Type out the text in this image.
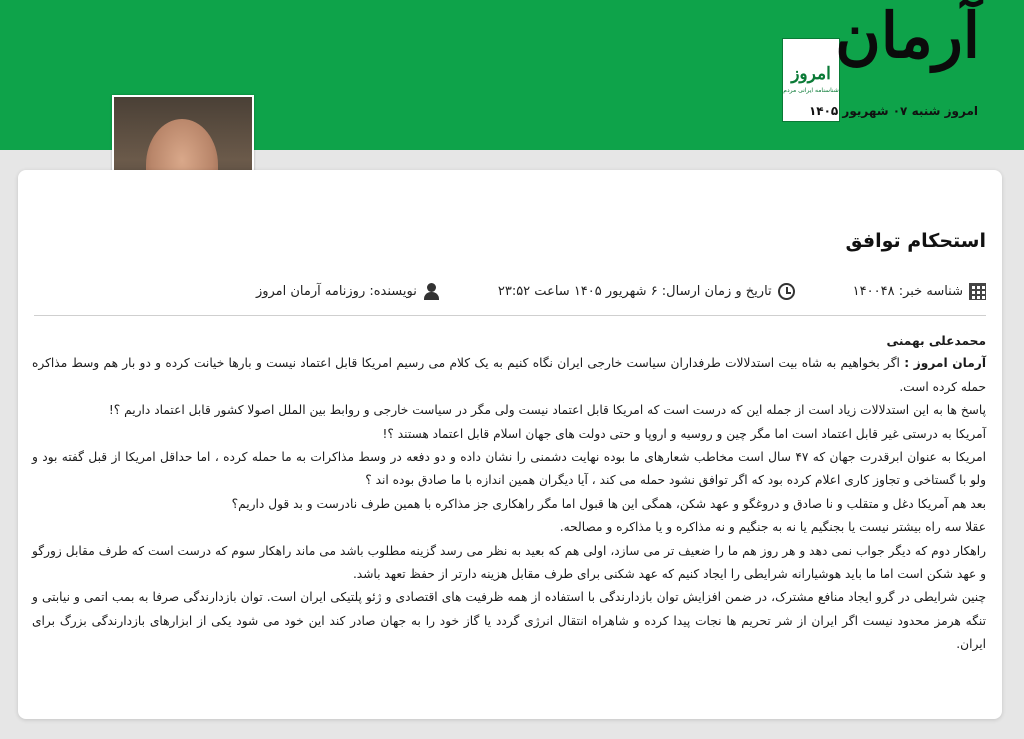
امروز
شناسنامه ایرانی مردم
آرمان
امروز شنبه ۰۷ شهریور ۱۴۰۵
استحکام توافق
شناسه خبر: ۱۴۰۰۴۸
تاریخ و زمان ارسال: ۶ شهریور ۱۴۰۵ ساعت ۲۳:۵۲
نویسنده: روزنامه آرمان امروز

محمدعلی بهمنی

آرمان امروز : اگر بخواهیم به شاه بیت استدلالات طرفداران سیاست خارجی ایران نگاه کنیم به یک کلام می رسیم امریکا قابل اعتماد نیست و بارها خیانت کرده و دو بار هم وسط مذاکره حمله کرده است.

پاسخ ها به این استدلالات زیاد است از جمله این که درست است که امریکا قابل اعتماد نیست ولی مگر در سیاست خارجی و روابط بین الملل اصولا کشور قابل اعتماد داریم ؟!

آمریکا به درستی غیر قابل اعتماد است اما مگر چین و روسیه و اروپا و حتی دولت های جهان اسلام قابل اعتماد هستند ؟!

امریکا به عنوان ابرقدرت جهان که ۴۷ سال است مخاطب شعارهای ما بوده نهایت دشمنی را نشان داده و دو دفعه در وسط مذاکرات به ما حمله کرده ، اما حداقل امریکا از قبل گفته بود و ولو با گستاخی و تجاوز کاری اعلام کرده بود که اگر توافق نشود حمله می کند ، آیا دیگران همین اندازه با ما صادق بوده اند ؟

بعد هم آمریکا دغل و متقلب و نا صادق و دروغگو و عهد شکن، همگی این ها قبول اما مگر راهکاری جز مذاکره با همین طرف نادرست و بد قول داریم؟

عقلا سه راه بیشتر نیست یا بجنگیم یا نه به جنگیم و نه مذاکره و یا مذاکره و مصالحه.

راهکار دوم که دیگر جواب نمی دهد و هر روز هم ما را ضعیف تر می سازد، اولی هم که بعید به نظر می رسد گزینه مطلوب باشد می ماند راهکار سوم که درست است که طرف مقابل زورگو و عهد شکن است اما ما باید هوشیارانه شرایطی را ایجاد کنیم که عهد شکنی برای طرف مقابل هزینه دارتر از حفظ تعهد باشد.

چنین شرایطی در گرو ایجاد منافع مشترک، در ضمن افزایش توان بازدارندگی با استفاده از همه ظرفیت های اقتصادی و ژئو پلتیکی ایران است. توان بازدارندگی صرفا به بمب اتمی و نیابتی و تنگه هرمز محدود نیست اگر ایران از شر تحریم ها نجات پیدا کرده و شاهراه انتقال انرژی گردد یا گاز خود را به جهان صادر کند این خود می شود یکی از ابزارهای بازدارندگی بزرگ برای ایران.
